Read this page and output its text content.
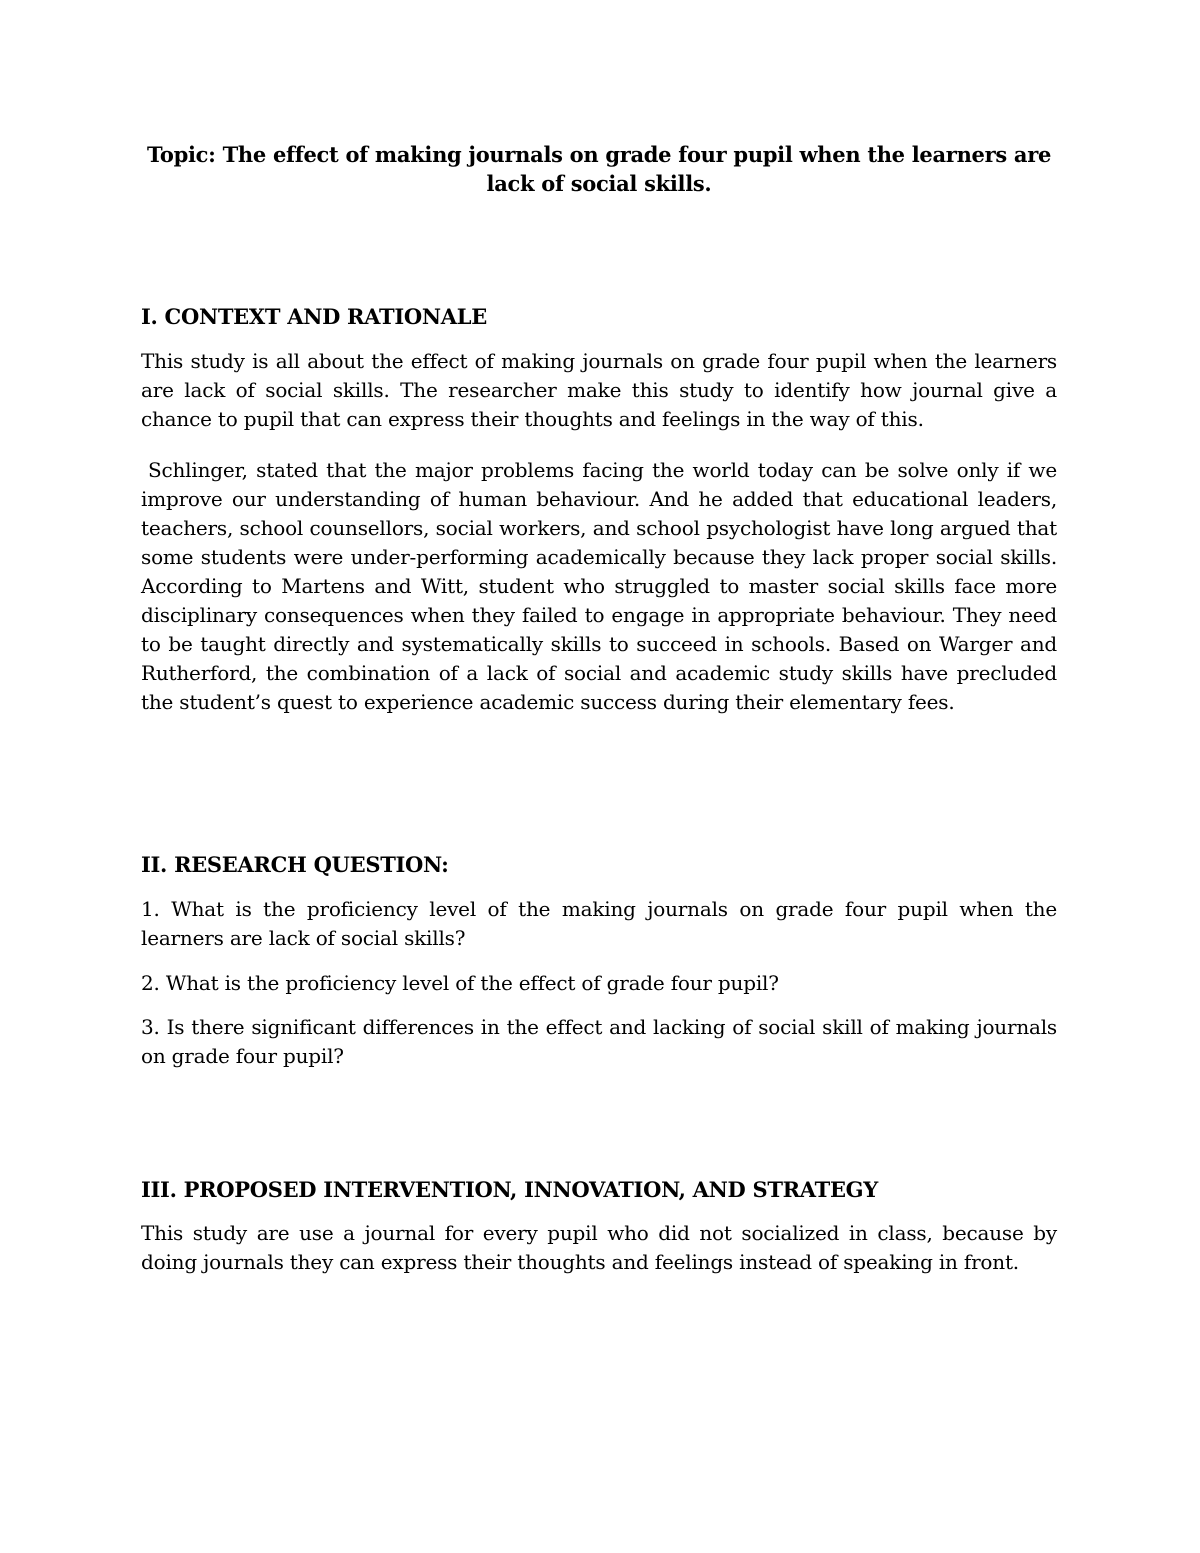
Topic: The effect of making journals on grade four pupil when the learners are lack of social skills.
I. CONTEXT AND RATIONALE
This study is all about the effect of making journals on grade four pupil when the learners are lack of social skills. The researcher make this study to identify how journal give a chance to pupil that can express their thoughts and feelings in the way of this.
Schlinger, stated that the major problems facing the world today can be solve only if we improve our understanding of human behaviour. And he added that educational leaders, teachers, school counsellors, social workers, and school psychologist have long argued that some students were under-performing academically because they lack proper social skills. According to Martens and Witt, student who struggled to master social skills face more disciplinary consequences when they failed to engage in appropriate behaviour. They need to be taught directly and systematically skills to succeed in schools. Based on Warger and Rutherford, the combination of a lack of social and academic study skills have precluded the student’s quest to experience academic success during their elementary fees.
II. RESEARCH QUESTION:
1. What is the proficiency level of the making journals on grade four pupil when the learners are lack of social skills?
2. What is the proficiency level of the effect of grade four pupil?
3. Is there significant differences in the effect and lacking of social skill of making journals on grade four pupil?
III. PROPOSED INTERVENTION, INNOVATION, AND STRATEGY
This study are use a journal for every pupil who did not socialized in class, because by doing journals they can express their thoughts and feelings instead of speaking in front.
